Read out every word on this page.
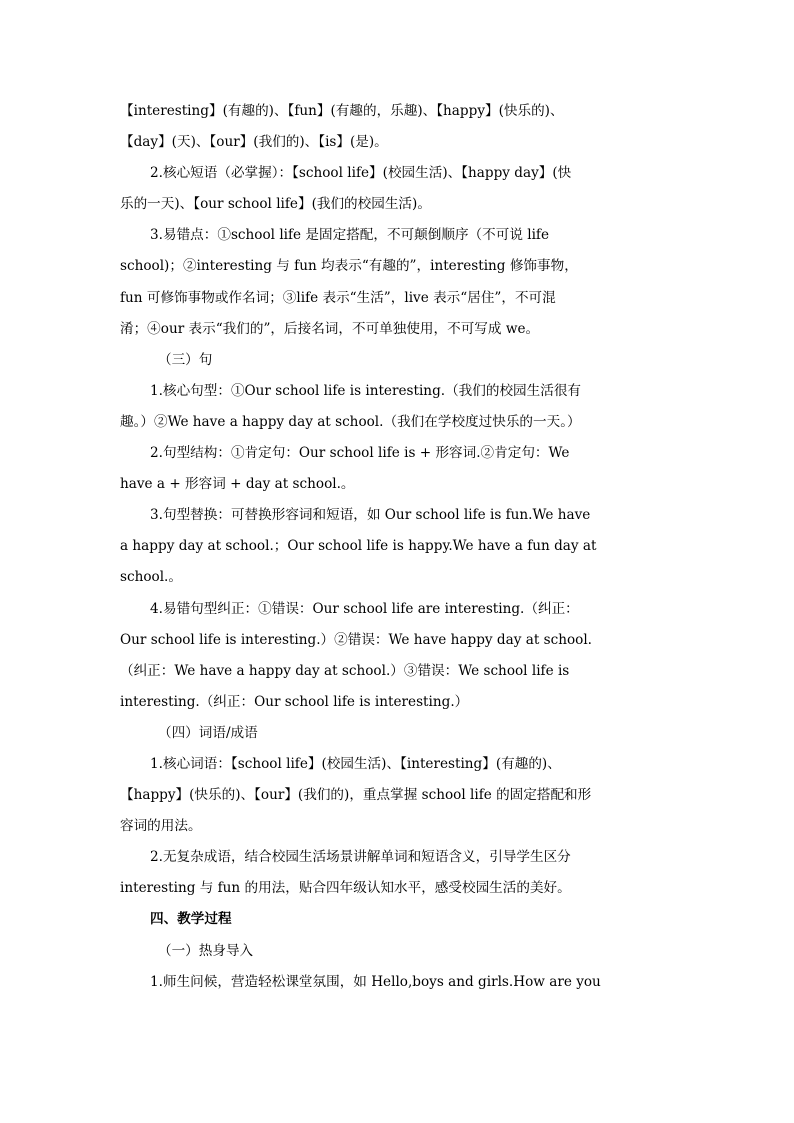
【interesting】(有趣的)、【fun】(有趣的，乐趣)、【happy】(快乐的)、

【day】(天)、【our】(我们的)、【is】(是)。

2.核心短语（必掌握）：【school life】(校园生活)、【happy day】(快

乐的一天)、【our school life】(我们的校园生活)。

3.易错点：①school life 是固定搭配，不可颠倒顺序（不可说 life

school)；②interesting 与 fun 均表示“有趣的”，interesting 修饰事物，

fun 可修饰事物或作名词；③life 表示“生活”，live 表示“居住”，不可混

淆；④our 表示“我们的”，后接名词，不可单独使用，不可写成 we。

（三）句

1.核心句型：①Our school life is interesting.（我们的校园生活很有

趣。）②We have a happy day at school.（我们在学校度过快乐的一天。）

2.句型结构：①肯定句：Our school life is + 形容词.②肯定句：We

have a + 形容词 + day at school.。

3.句型替换：可替换形容词和短语，如 Our school life is fun.We have

a happy day at school.；Our school life is happy.We have a fun day at

school.。

4.易错句型纠正：①错误：Our school life are interesting.（纠正：

Our school life is interesting.）②错误：We have happy day at school.

（纠正：We have a happy day at school.）③错误：We school life is

interesting.（纠正：Our school life is interesting.）

（四）词语/成语

1.核心词语：【school life】(校园生活)、【interesting】(有趣的)、

【happy】(快乐的)、【our】(我们的)，重点掌握 school life 的固定搭配和形

容词的用法。

2.无复杂成语，结合校园生活场景讲解单词和短语含义，引导学生区分

interesting 与 fun 的用法，贴合四年级认知水平，感受校园生活的美好。

四、教学过程

（一）热身导入

1.师生问候，营造轻松课堂氛围，如 Hello,boys and girls.How are you
